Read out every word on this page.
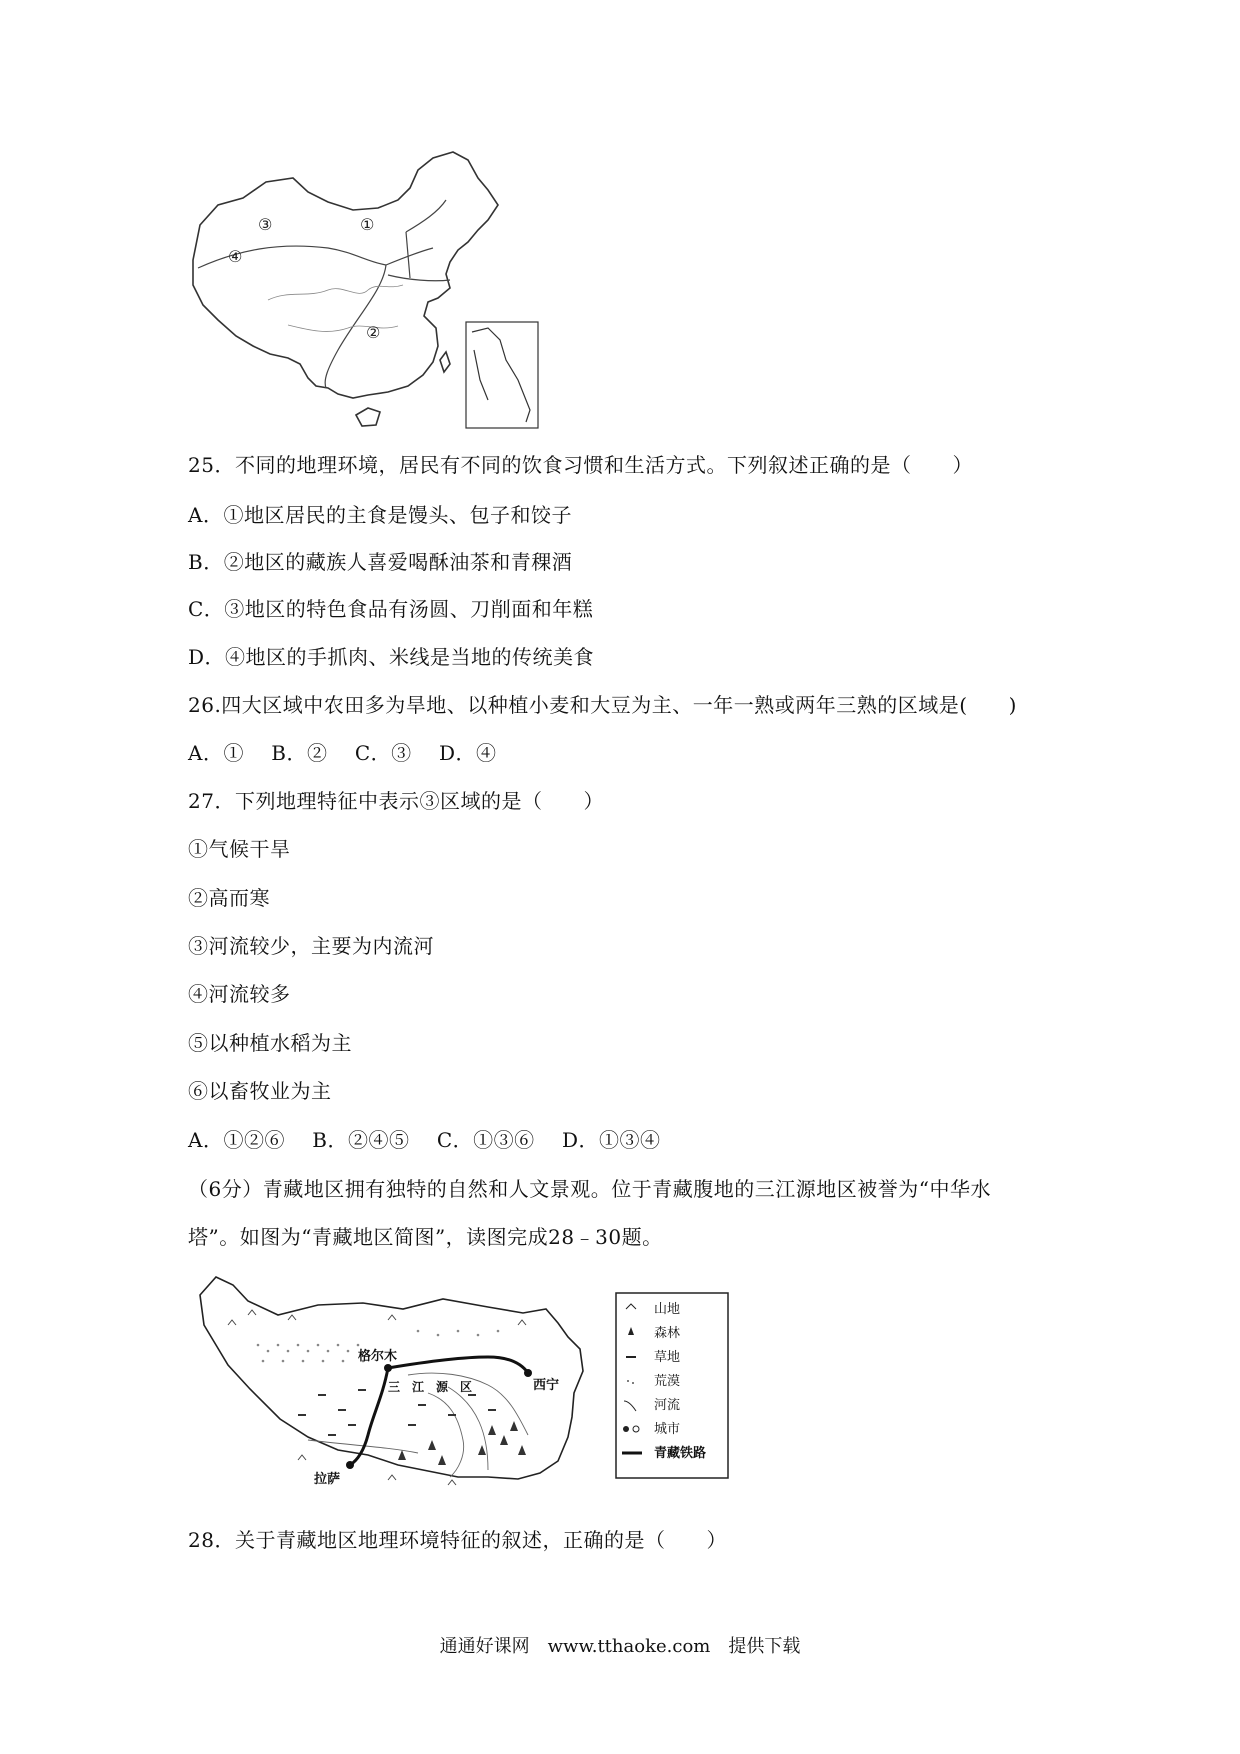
③	①
④
②
25．不同的地理环境，居民有不同的饮食习惯和生活方式。下列叙述正确的是（　　）
A．①地区居民的主食是馒头、包子和饺子
B．②地区的藏族人喜爱喝酥油茶和青稞酒
C．③地区的特色食品有汤圆、刀削面和年糕
D．④地区的手抓肉、米线是当地的传统美食
26.四大区域中农田多为旱地、以种植小麦和大豆为主、一年一熟或两年三熟的区域是(　　)
A．①　 B．②　 C．③　 D．④
27．下列地理特征中表示③区域的是（　　）
①气候干旱
②高而寒
③河流较少，主要为内流河
④河流较多
⑤以种植水稻为主
⑥以畜牧业为主
A．①②⑥　 B．②④⑤　 C．①③⑥　 D．①③④
（6分）青藏地区拥有独特的自然和人文景观。位于青藏腹地的三江源地区被誉为“中华水
塔”。如图为“青藏地区简图”，读图完成28﹣30题。
格尔木
西宁
拉萨
三　江　源　区
山地
森林
草地
荒漠
河流
城市
青藏铁路
28．关于青藏地区地理环境特征的叙述，正确的是（　　）
通通好课网　www.tthaoke.com　提供下载
